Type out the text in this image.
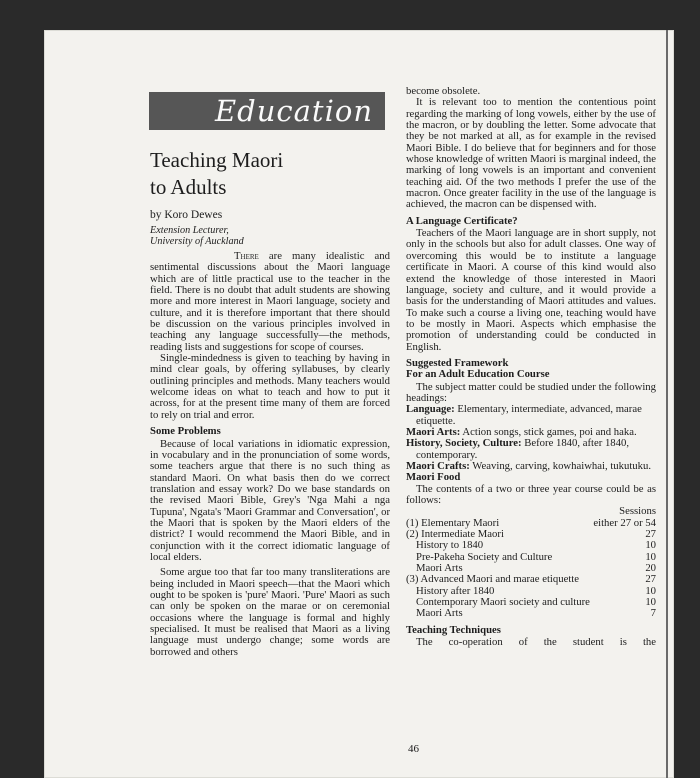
Education
Teaching Maori
to Adults
by Koro Dewes
Extension Lecturer,
University of Auckland

There are many idealistic and sentimental discussions about the Maori language which are of little practical use to the teacher in the field. There is no doubt that adult students are showing more and more interest in Maori language, society and culture, and it is therefore important that there should be discussion on the various principles involved in teaching any language successfully—the methods, reading lists and suggestions for scope of courses.

Single-mindedness is given to teaching by having in mind clear goals, by offering syllabuses, by clearly outlining principles and methods. Many teachers would welcome ideas on what to teach and how to put it across, for at the present time many of them are forced to rely on trial and error.

Some Problems

Because of local variations in idiomatic expression, in vocabulary and in the pronunciation of some words, some teachers argue that there is no such thing as standard Maori. On what basis then do we correct translation and essay work? Do we base standards on the revised Maori Bible, Grey's 'Nga Mahi a nga Tupuna', Ngata's 'Maori Grammar and Conversation', or the Maori that is spoken by the Maori elders of the district? I would recommend the Maori Bible, and in conjunction with it the correct idiomatic language of local elders.

Some argue too that far too many transliterations are being included in Maori speech—that the Maori which ought to be spoken is 'pure' Maori. 'Pure' Maori as such can only be spoken on the marae or on ceremonial occasions where the language is formal and highly specialised. It must be realised that Maori as a living language must undergo change; some words are borrowed and others

become obsolete.

It is relevant too to mention the contentious point regarding the marking of long vowels, either by the use of the macron, or by doubling the letter. Some advocate that they be not marked at all, as for example in the revised Maori Bible. I do believe that for beginners and for those whose knowledge of written Maori is marginal indeed, the marking of long vowels is an important and convenient teaching aid. Of the two methods I prefer the use of the macron. Once greater facility in the use of the language is achieved, the macron can be dispensed with.

A Language Certificate?

Teachers of the Maori language are in short supply, not only in the schools but also for adult classes. One way of overcoming this would be to institute a language certificate in Maori. A course of this kind would also extend the knowledge of those interested in Maori language, society and culture, and it would provide a basis for the understanding of Maori attitudes and values. To make such a course a living one, teaching would have to be mostly in Maori. Aspects which emphasise the promotion of understanding could be conducted in English.

Suggested Framework
For an Adult Education Course

The subject matter could be studied under the following headings:

Language: Elementary, intermediate, advanced, marae etiquette.
Maori Arts: Action songs, stick games, poi and haka.
History, Society, Culture: Before 1840, after 1840, contemporary.
Maori Crafts: Weaving, carving, kowhaiwhai, tukutuku.
Maori Food

The contents of a two or three year course could be as follows:

	Sessions
(1) Elementary Maori	either 27 or 54
(2) Intermediate Maori	27
History to 1840	10
Pre-Pakeha Society and Culture	10
Maori Arts	20
(3) Advanced Maori and marae etiquette	27
History after 1840	10
Contemporary Maori society and culture	10
Maori Arts	7
Teaching Techniques

The co-operation of the student is the

46
